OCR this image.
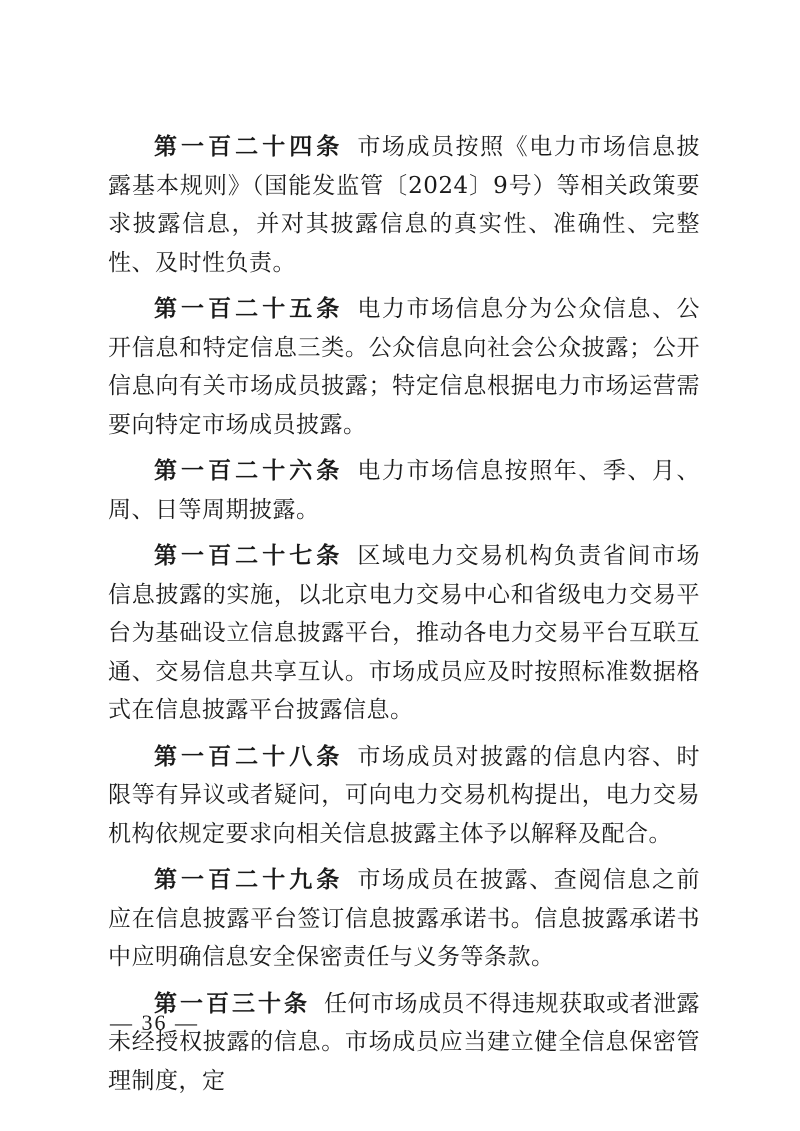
第一百二十四条 市场成员按照《电力市场信息披露基本规则》（国能发监管〔2024〕9号）等相关政策要求披露信息，并对其披露信息的真实性、准确性、完整性、及时性负责。

第一百二十五条 电力市场信息分为公众信息、公开信息和特定信息三类。公众信息向社会公众披露；公开信息向有关市场成员披露；特定信息根据电力市场运营需要向特定市场成员披露。

第一百二十六条 电力市场信息按照年、季、月、周、日等周期披露。

第一百二十七条 区域电力交易机构负责省间市场信息披露的实施，以北京电力交易中心和省级电力交易平台为基础设立信息披露平台，推动各电力交易平台互联互通、交易信息共享互认。市场成员应及时按照标准数据格式在信息披露平台披露信息。

第一百二十八条 市场成员对披露的信息内容、时限等有异议或者疑问，可向电力交易机构提出，电力交易机构依规定要求向相关信息披露主体予以解释及配合。

第一百二十九条 市场成员在披露、查阅信息之前应在信息披露平台签订信息披露承诺书。信息披露承诺书中应明确信息安全保密责任与义务等条款。

第一百三十条 任何市场成员不得违规获取或者泄露未经授权披露的信息。市场成员应当建立健全信息保密管理制度，定

— 36 —
